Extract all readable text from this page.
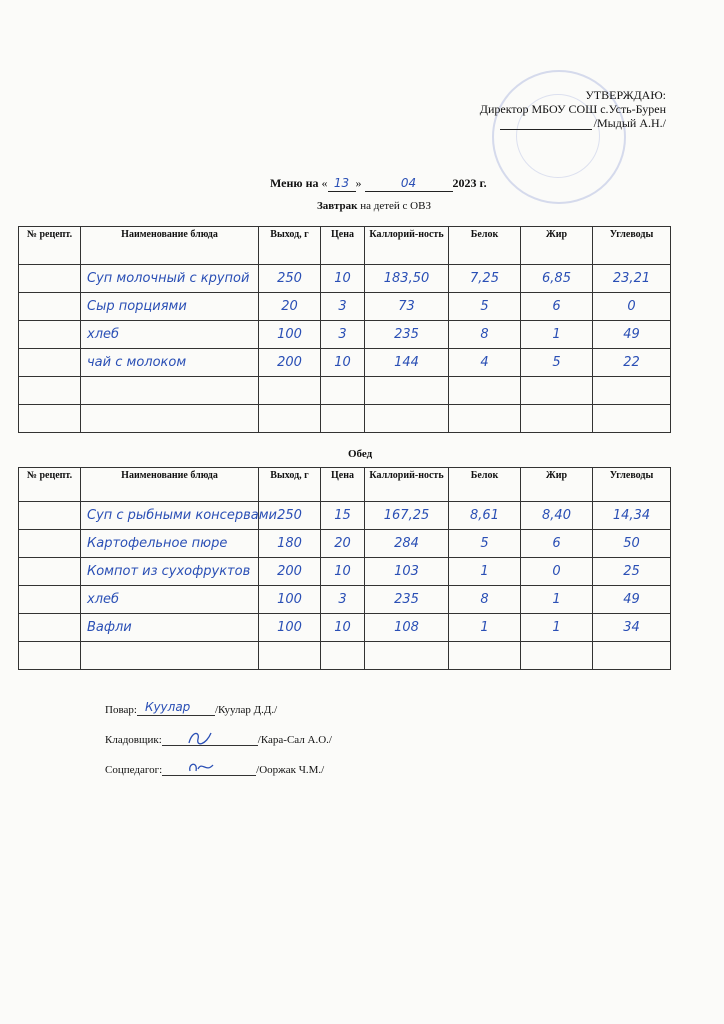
УТВЕРЖДАЮ:
Директор МБОУ СОШ с.Усть-Бурен
/Мыдый А.Н./
Меню на « 13 »	04	2023 г.
Завтрак на детей с ОВЗ
№ рецепт.	Наименование блюда	Выход, г	Цена	Каллорий-ность	Белок	Жир	Углеводы
	Суп молочный с крупой	250	10	183,50	7,25	6,85	23,21
	Сыр порциями	20	3	73	5	6	0
	хлеб	100	3	235	8	1	49
	чай с молоком	200	10	144	4	5	22

Обед
№ рецепт.	Наименование блюда	Выход, г	Цена	Каллорий-ность	Белок	Жир	Углеводы
	Суп с рыбными консервами	250	15	167,25	8,61	8,40	14,34
	Картофельное пюре	180	20	284	5	6	50
	Компот из сухофруктов	200	10	103	1	0	25
	хлеб	100	3	235	8	1	49
	Вафли	100	10	108	1	1	34

Повар: Куулар /Куулар Д.Д./
Кладовщик:	/Кара-Сал А.О./
Соцпедагог:	/Ооржак Ч.М./
